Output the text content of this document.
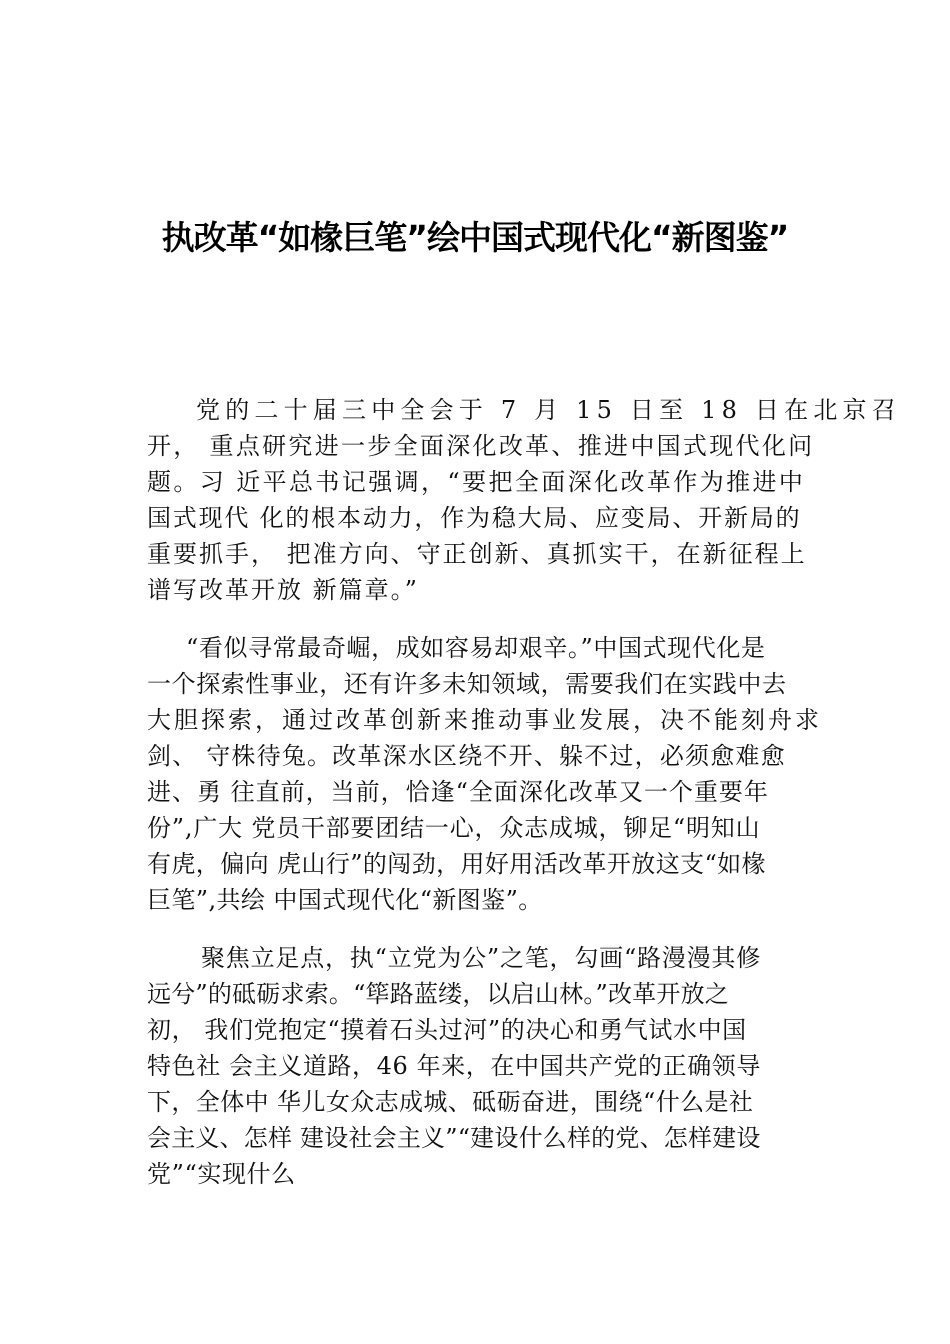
执改革“如椽巨笔”绘中国式现代化“新图鉴”
党的二十届三中全会于 7 月 15 日至 18 日在北京召
开， 重点研究进一步全面深化改革、推进中国式现代化问
题。习 近平总书记强调，“要把全面深化改革作为推进中
国式现代 化的根本动力，作为稳大局、应变局、开新局的
重要抓手， 把准方向、守正创新、真抓实干，在新征程上
谱写改革开放 新篇章。”
“看似寻常最奇崛，成如容易却艰辛。”中国式现代化是
一个探索性事业，还有许多未知领域，需要我们在实践中去
大胆探索，通过改革创新来推动事业发展，决不能刻舟求
剑、 守株待兔。改革深水区绕不开、躲不过，必须愈难愈
进、勇 往直前，当前，恰逢“全面深化改革又一个重要年
份”,广大 党员干部要团结一心，众志成城，铆足“明知山
有虎，偏向 虎山行”的闯劲，用好用活改革开放这支“如椽
巨笔”,共绘 中国式现代化“新图鉴”。
聚焦立足点，执“立党为公”之笔，勾画“路漫漫其修
远兮”的砥砺求索。“筚路蓝缕，以启山林。”改革开放之
初， 我们党抱定“摸着石头过河”的决心和勇气试水中国
特色社 会主义道路，46 年来，在中国共产党的正确领导
下，全体中 华儿女众志成城、砥砺奋进，围绕“什么是社
会主义、怎样 建设社会主义”“建设什么样的党、怎样建设
党”“实现什么
